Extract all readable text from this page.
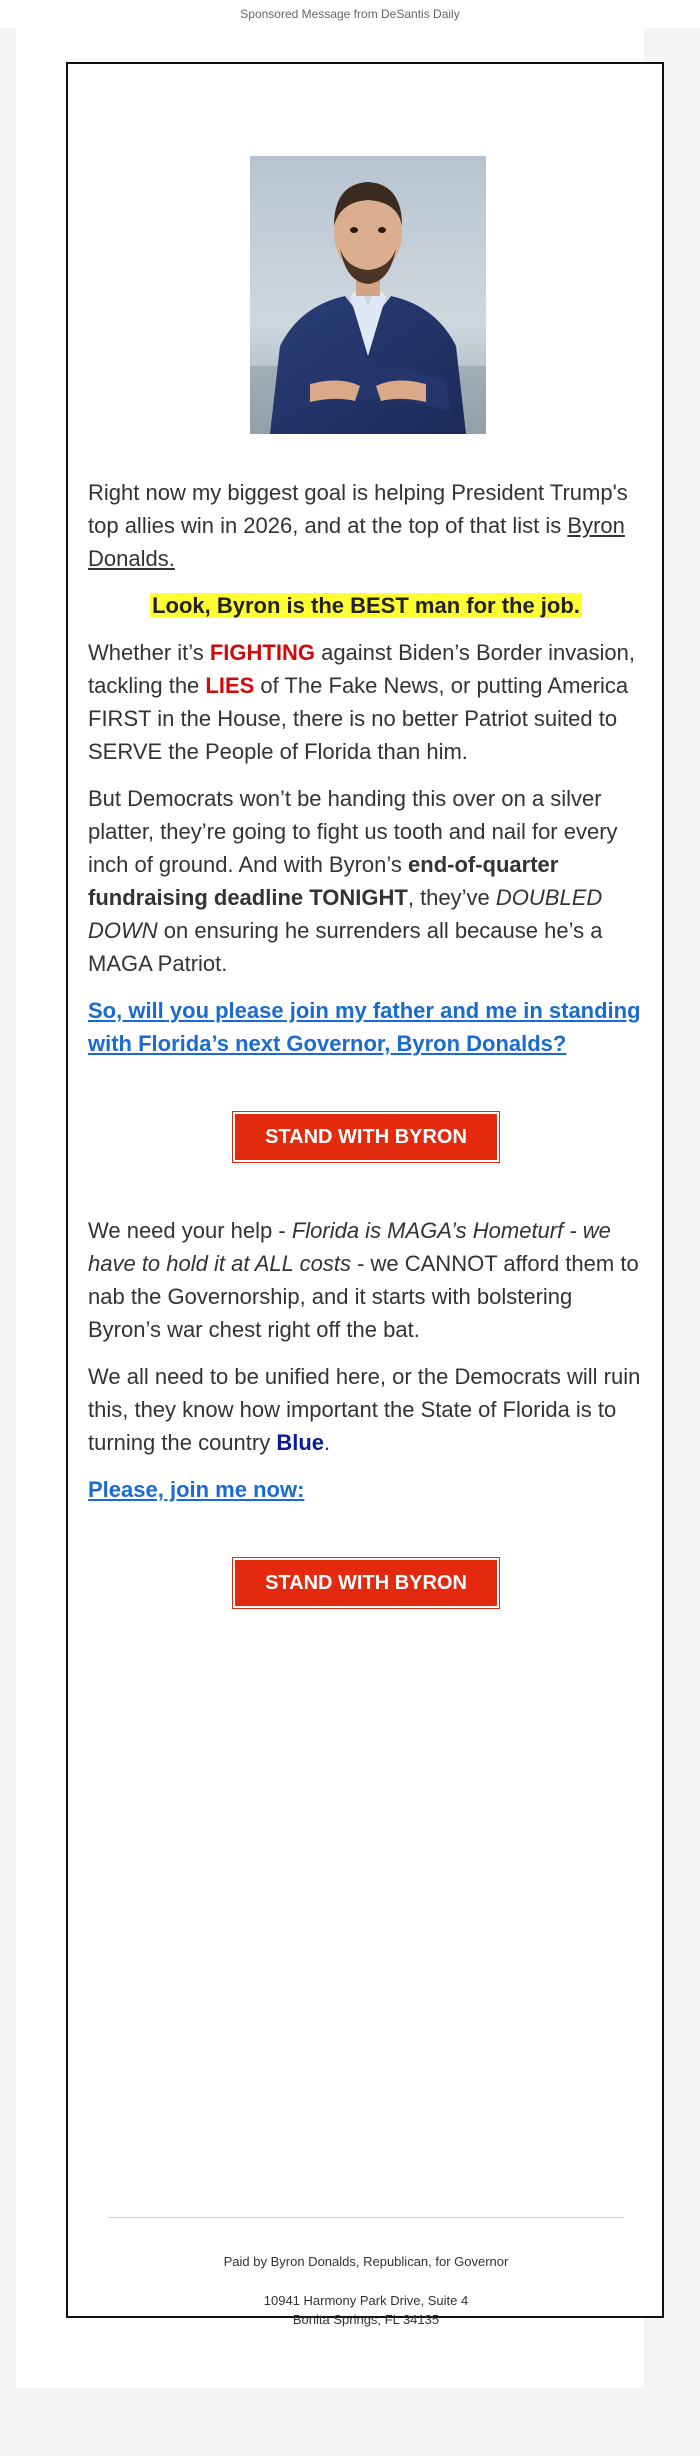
Sponsored Message from DeSantis Daily

Right now my biggest goal is helping President Trump's top allies win in 2026, and at the top of that list is Byron Donalds.

Look, Byron is the BEST man for the job.

Whether it’s FIGHTING against Biden’s Border invasion, tackling the LIES of The Fake News, or putting America FIRST in the House, there is no better Patriot suited to SERVE the People of Florida than him.

But Democrats won’t be handing this over on a silver platter, they’re going to fight us tooth and nail for every inch of ground. And with Byron’s end-of-quarter fundraising deadline TONIGHT, they’ve DOUBLED DOWN on ensuring he surrenders all because he’s a MAGA Patriot.

So, will you please join my father and me in standing with Florida’s next Governor, Byron Donalds?

STAND WITH BYRON

We need your help - Florida is MAGA’s Hometurf - we have to hold it at ALL costs - we CANNOT afford them to nab the Governorship, and it starts with bolstering Byron’s war chest right off the bat.

We all need to be unified here, or the Democrats will ruin this, they know how important the State of Florida is to turning the country Blue.

Please, join me now:

STAND WITH BYRON

Paid by Byron Donalds, Republican, for Governor

10941 Harmony Park Drive, Suite 4

Bonita Springs, FL 34135
